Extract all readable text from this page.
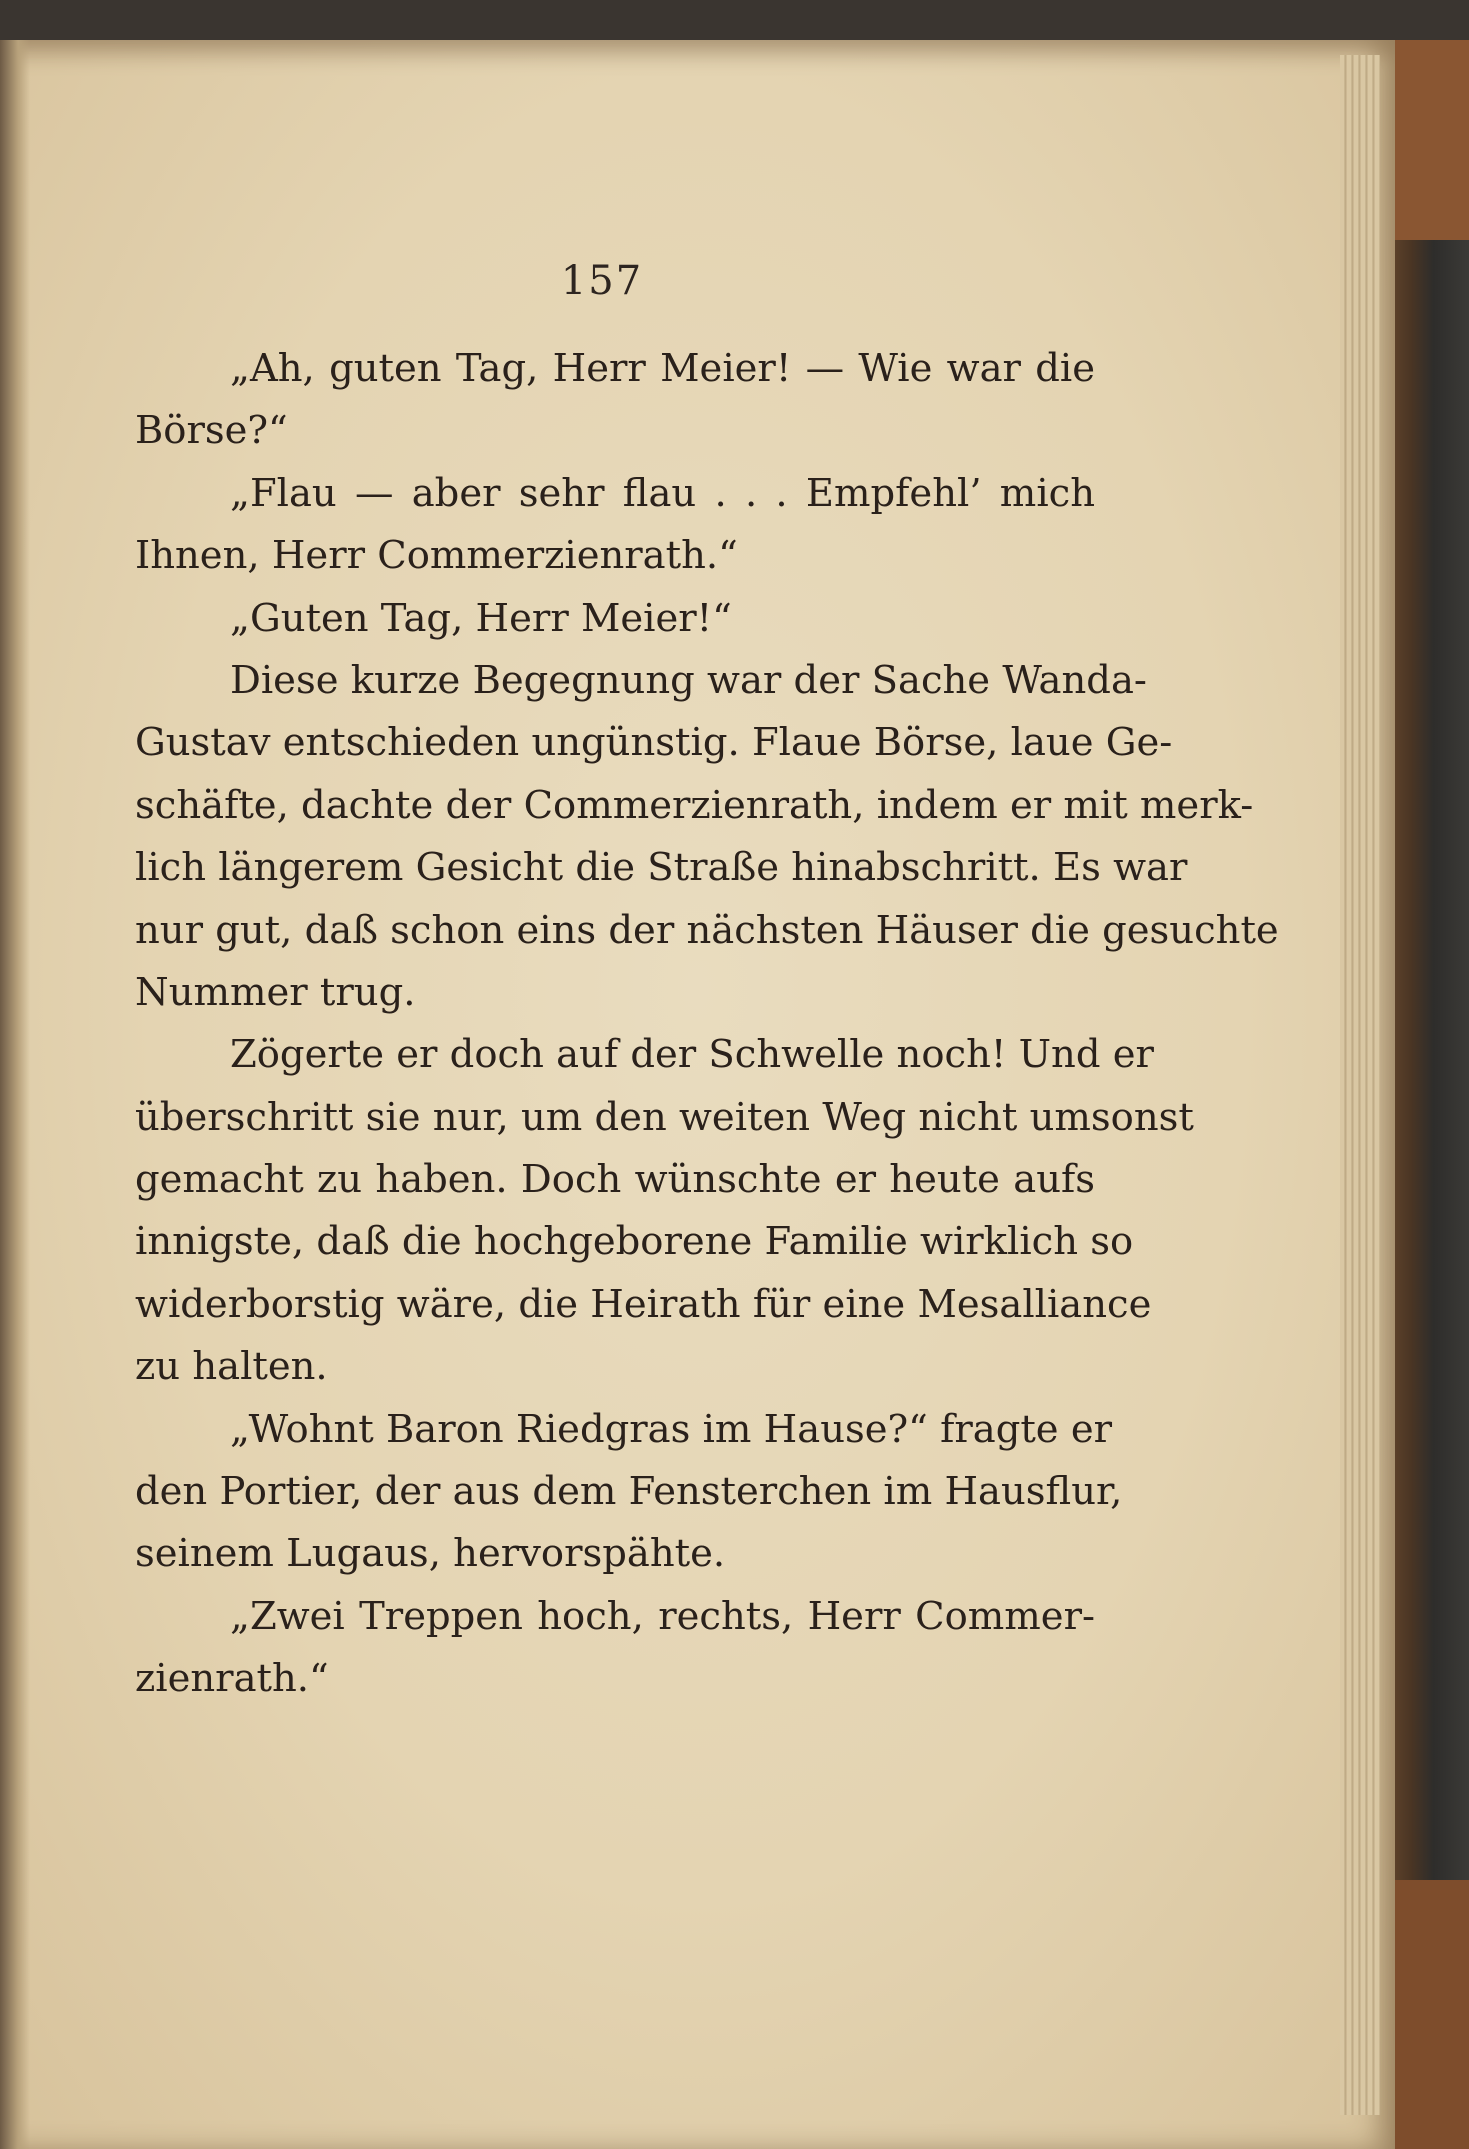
157
„Ah, guten Tag, Herr Meier! — Wie war die
Börse?“
„Flau — aber sehr flau . . . Empfehl’ mich
Ihnen, Herr Commerzienrath.“
„Guten Tag, Herr Meier!“
Diese kurze Begegnung war der Sache Wanda-
Gustav entschieden ungünstig. Flaue Börse, laue Ge-
schäfte, dachte der Commerzienrath, indem er mit merk-
lich längerem Gesicht die Straße hinabschritt. Es war
nur gut, daß schon eins der nächsten Häuser die gesuchte
Nummer trug.
Zögerte er doch auf der Schwelle noch! Und er
überschritt sie nur, um den weiten Weg nicht umsonst
gemacht zu haben. Doch wünschte er heute aufs
innigste, daß die hochgeborene Familie wirklich so
widerborstig wäre, die Heirath für eine Mesalliance
zu halten.
„Wohnt Baron Riedgras im Hause?“ fragte er
den Portier, der aus dem Fensterchen im Hausflur,
seinem Lugaus, hervorspähte.
„Zwei Treppen hoch, rechts, Herr Commer-
zienrath.“
